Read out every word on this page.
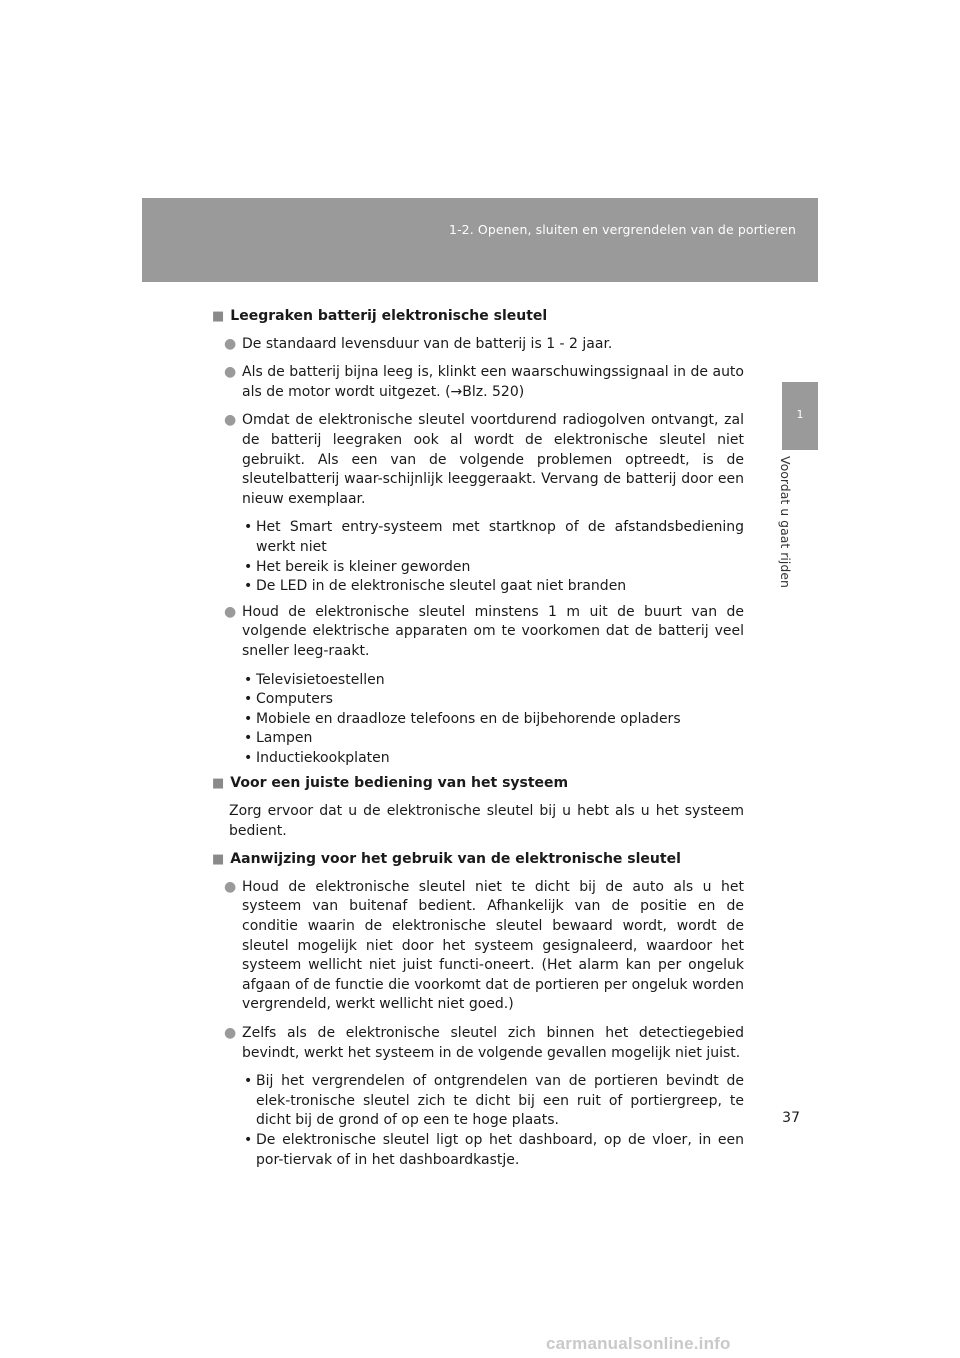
1-2. Openen, sluiten en vergrendelen van de portieren
1
Voordat u gaat rijden
■ Leegraken batterij elektronische sleutel
● De standaard levensduur van de batterij is 1 - 2 jaar.
● Als de batterij bijna leeg is, klinkt een waarschuwingssignaal in de auto als de motor wordt uitgezet. (→Blz. 520)
● Omdat de elektronische sleutel voortdurend radiogolven ontvangt, zal de batterij leegraken ook al wordt de elektronische sleutel niet gebruikt. Als een van de volgende problemen optreedt, is de sleutelbatterij waar-schijnlijk leeggeraakt. Vervang de batterij door een nieuw exemplaar.
• Het Smart entry-systeem met startknop of de afstandsbediening werkt niet
• Het bereik is kleiner geworden
• De LED in de elektronische sleutel gaat niet branden
● Houd de elektronische sleutel minstens 1 m uit de buurt van de volgende elektrische apparaten om te voorkomen dat de batterij veel sneller leeg-raakt.
• Televisietoestellen
• Computers
• Mobiele en draadloze telefoons en de bijbehorende opladers
• Lampen
• Inductiekookplaten
■ Voor een juiste bediening van het systeem
Zorg ervoor dat u de elektronische sleutel bij u hebt als u het systeem bedient.
■ Aanwijzing voor het gebruik van de elektronische sleutel
● Houd de elektronische sleutel niet te dicht bij de auto als u het systeem van buitenaf bedient. Afhankelijk van de positie en de conditie waarin de elektronische sleutel bewaard wordt, wordt de sleutel mogelijk niet door het systeem gesignaleerd, waardoor het systeem wellicht niet juist functi-oneert. (Het alarm kan per ongeluk afgaan of de functie die voorkomt dat de portieren per ongeluk worden vergrendeld, werkt wellicht niet goed.)
● Zelfs als de elektronische sleutel zich binnen het detectiegebied bevindt, werkt het systeem in de volgende gevallen mogelijk niet juist.
• Bij het vergrendelen of ontgrendelen van de portieren bevindt de elek-tronische sleutel zich te dicht bij een ruit of portiergreep, te dicht bij de grond of op een te hoge plaats.
• De elektronische sleutel ligt op het dashboard, op de vloer, in een por-tiervak of in het dashboardkastje.
37
carmanualsonline.info
